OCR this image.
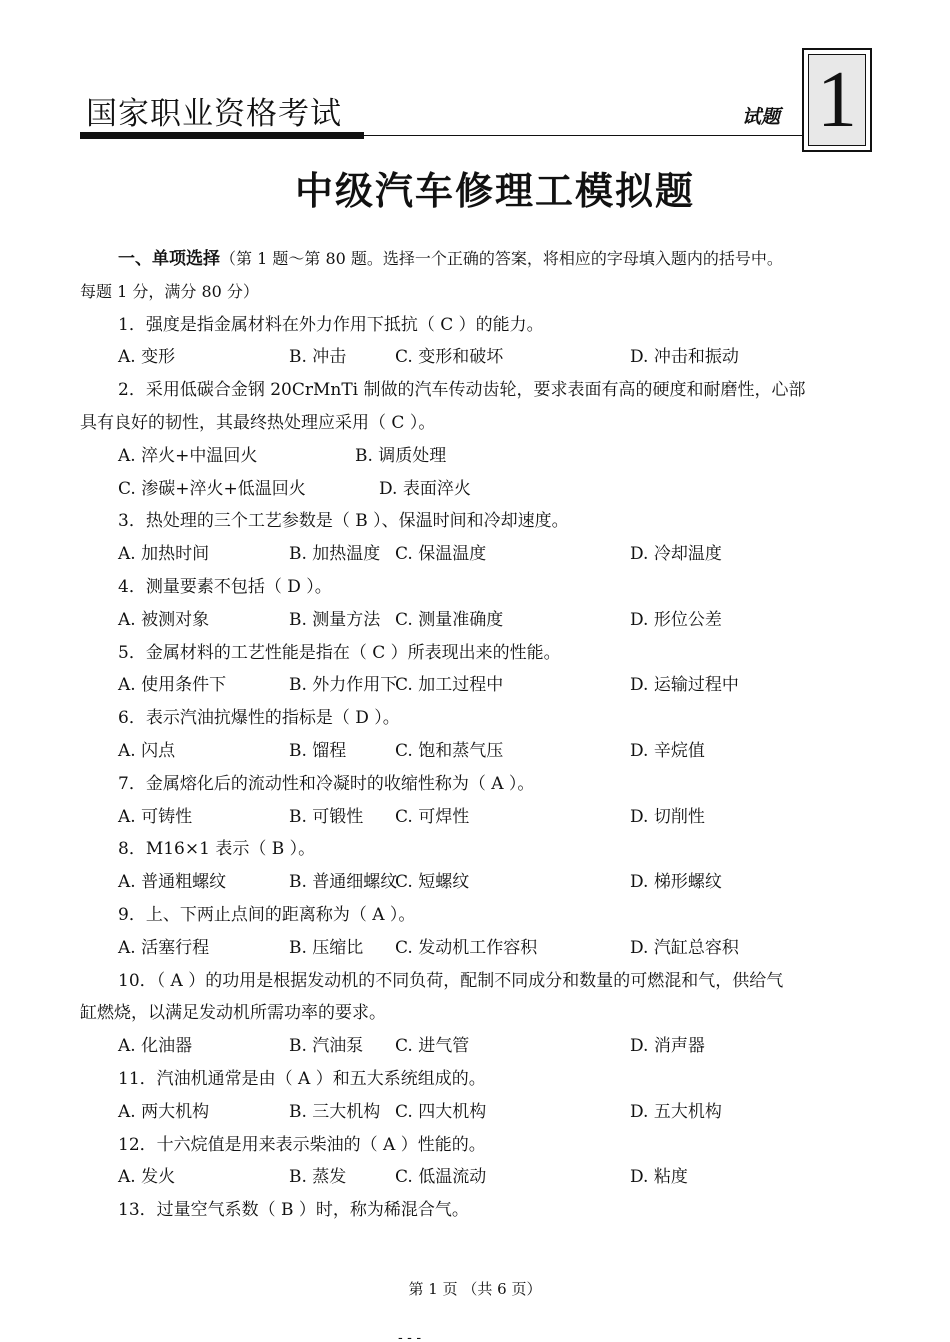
国家职业资格考试	试题 1
中级汽车修理工模拟题
一、单项选择（第 1 题～第 80 题。选择一个正确的答案，将相应的字母填入题内的括号中。
每题 1 分，满分 80 分）
1．强度是指金属材料在外力作用下抵抗（ C ）的能力。
A. 变形	B. 冲击	C. 变形和破坏	D. 冲击和振动
2．采用低碳合金钢 20CrMnTi 制做的汽车传动齿轮，要求表面有高的硬度和耐磨性，心部
具有良好的韧性，其最终热处理应采用（ C ）。
A. 淬火+中温回火	B. 调质处理
C. 渗碳+淬火+低温回火	D. 表面淬火
3．热处理的三个工艺参数是（ B ）、保温时间和冷却速度。
A. 加热时间	B. 加热温度 C. 保温温度	D. 冷却温度
4．测量要素不包括（ D ）。
A. 被测对象	B. 测量方法 C. 测量准确度	D. 形位公差
5．金属材料的工艺性能是指在（ C ）所表现出来的性能。
A. 使用条件下	B. 外力作用下
C. 加工过程中	D. 运输过程中
6．表示汽油抗爆性的指标是（ D ）。
A. 闪点	B. 馏程	C. 饱和蒸气压	D. 辛烷值
7．金属熔化后的流动性和冷凝时的收缩性称为（ A ）。
A. 可铸性	B. 可锻性 C. 可焊性	D. 切削性
8．M16×1 表示（ B ）。
A. 普通粗螺纹	B. 普通细螺纹
C. 短螺纹	D. 梯形螺纹
9．上、下两止点间的距离称为（ A ）。
A. 活塞行程	B. 压缩比 C. 发动机工作容积	D. 汽缸总容积
10．（ A ）的功用是根据发动机的不同负荷，配制不同成分和数量的可燃混和气，供给气
缸燃烧，以满足发动机所需功率的要求。
A. 化油器	B. 汽油泵 C. 进气管	D. 消声器
11．汽油机通常是由（ A ）和五大系统组成的。
A. 两大机构	B. 三大机构 C. 四大机构	D. 五大机构
12．十六烷值是用来表示柴油的（ A ）性能的。
A. 发火	B. 蒸发	C. 低温流动	D. 粘度
13．过量空气系数（ B ）时，称为稀混合气。
第 1 页 （共 6 页）
- - -
